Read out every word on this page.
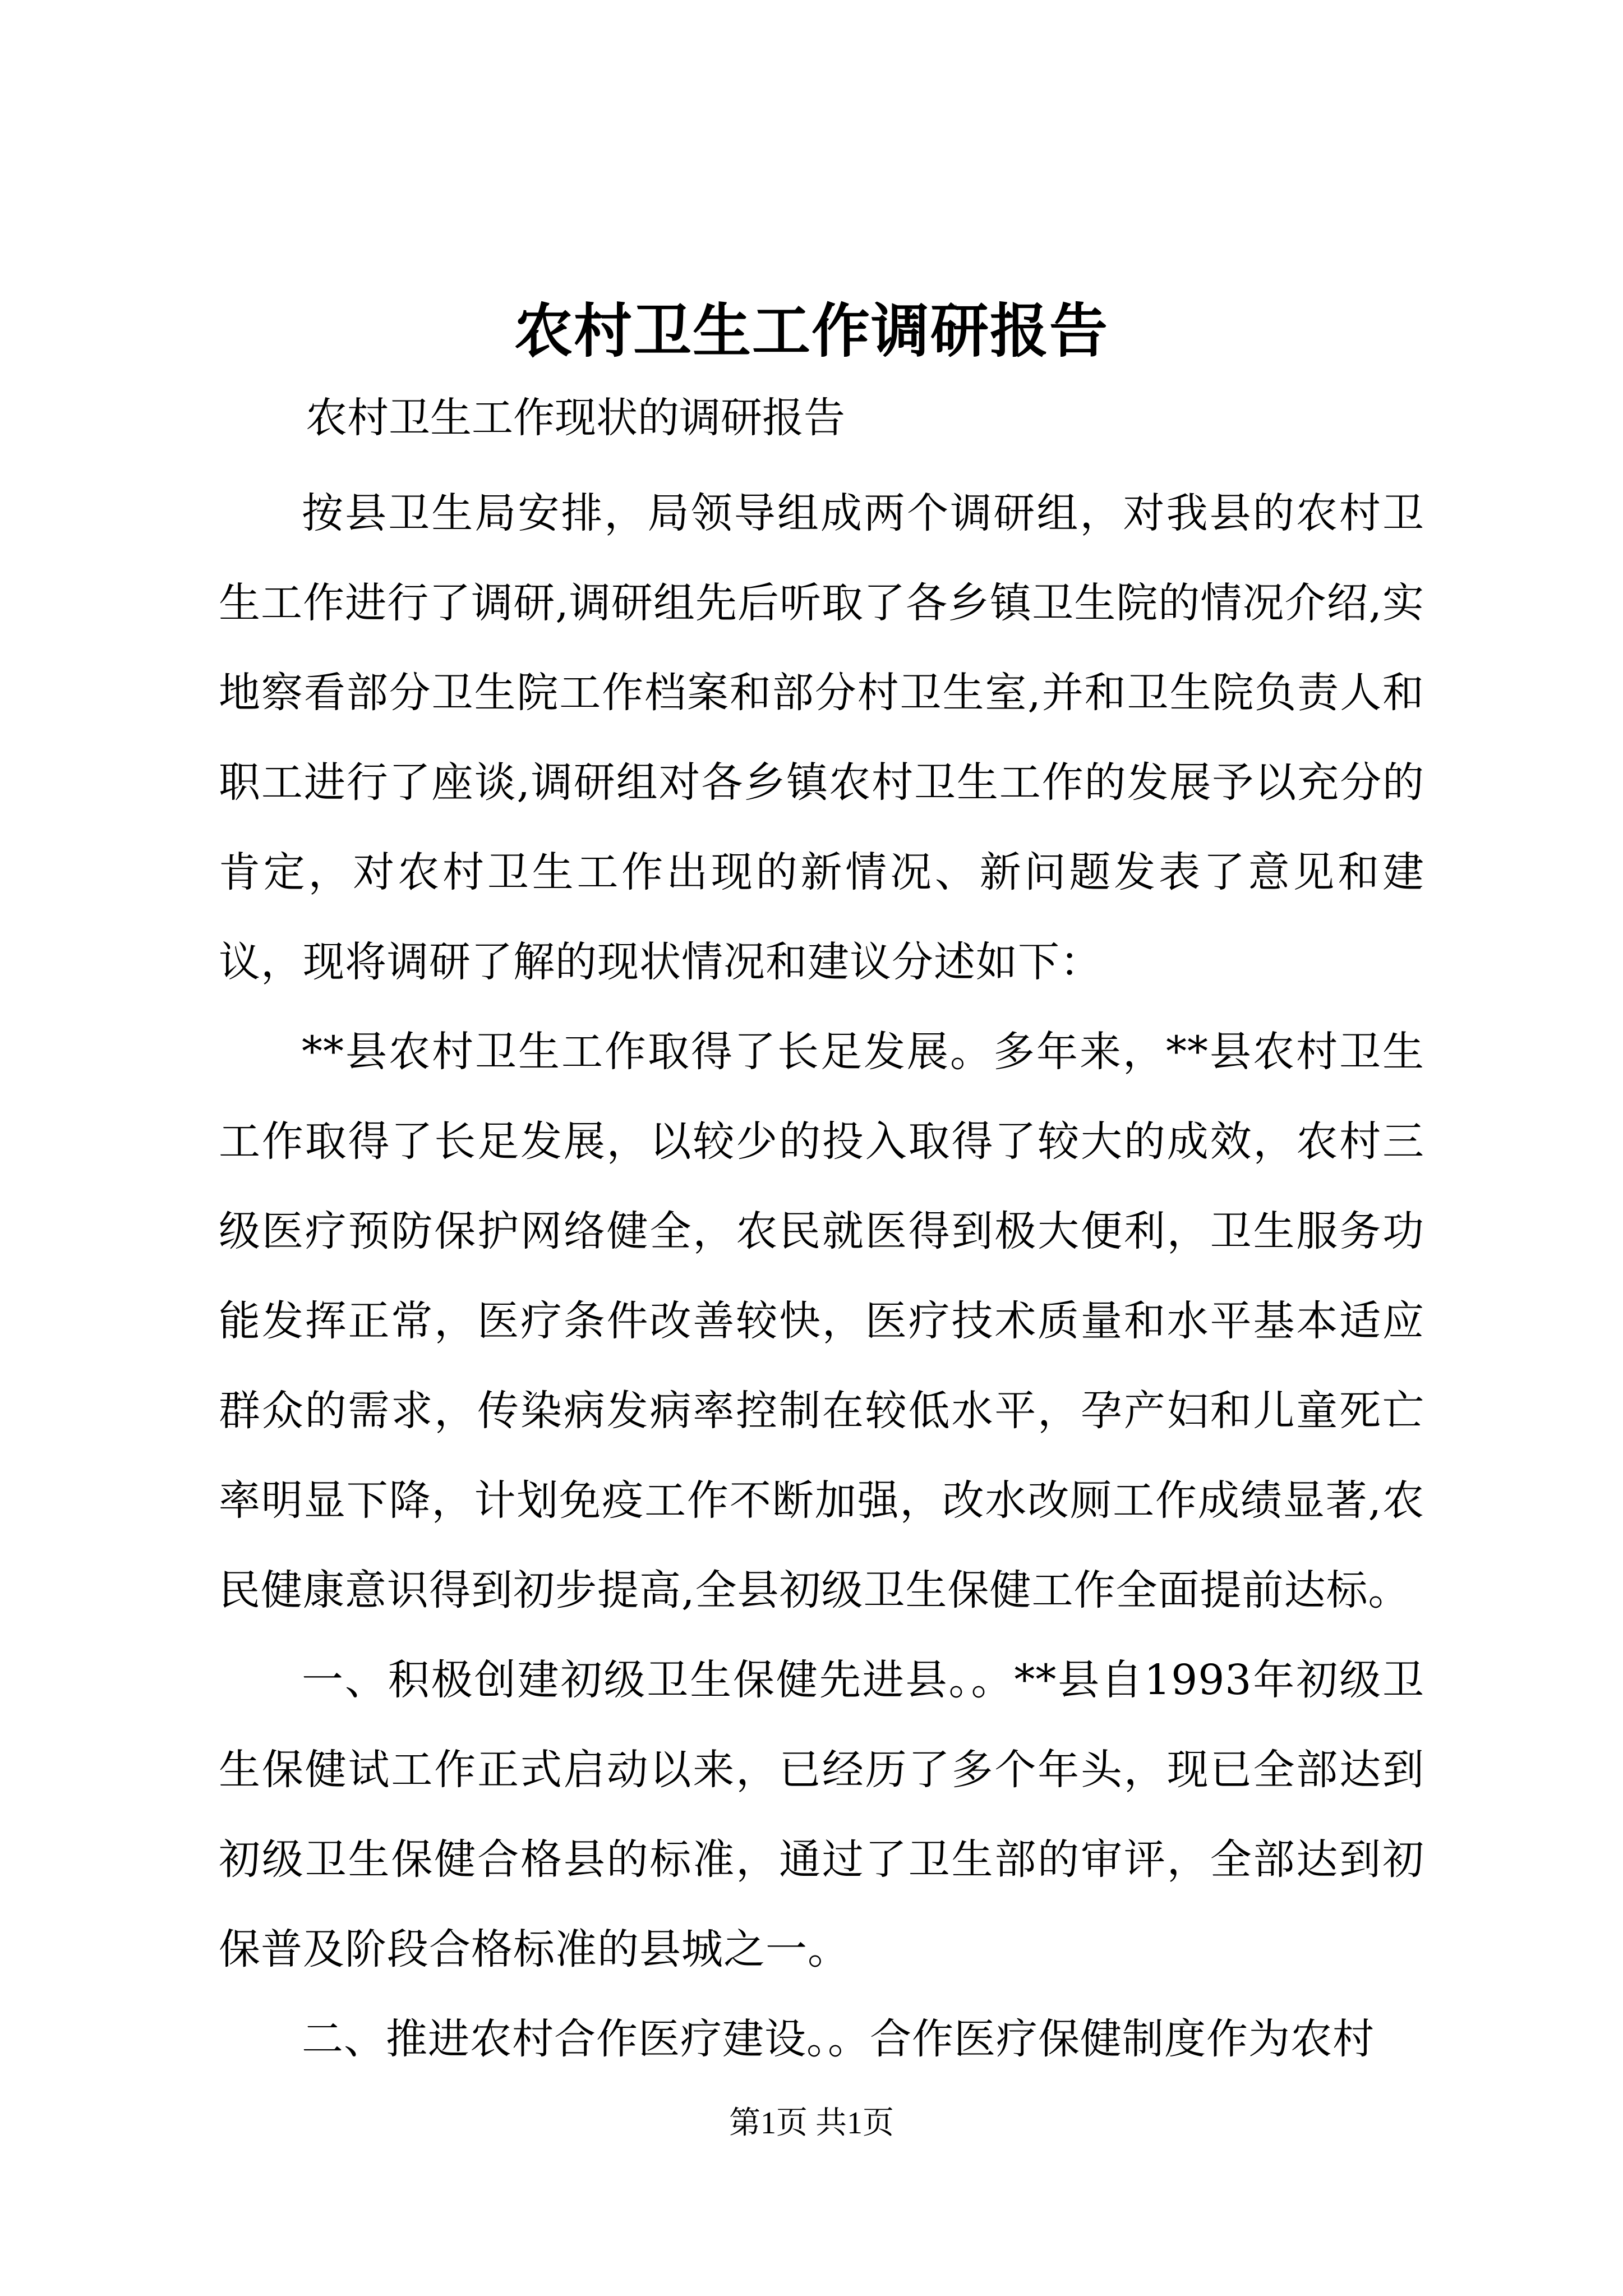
农村卫生工作调研报告
农村卫生工作现状的调研报告

按县卫生局安排，局领导组成两个调研组，对我县的农村卫生工作进行了调研,调研组先后听取了各乡镇卫生院的情况介绍,实地察看部分卫生院工作档案和部分村卫生室,并和卫生院负责人和职工进行了座谈,调研组对各乡镇农村卫生工作的发展予以充分的肯定，对农村卫生工作出现的新情况、新问题发表了意见和建议，现将调研了解的现状情况和建议分述如下：

**县农村卫生工作取得了长足发展。多年来，**县农村卫生工作取得了长足发展，以较少的投入取得了较大的成效，农村三级医疗预防保护网络健全，农民就医得到极大便利，卫生服务功能发挥正常，医疗条件改善较快，医疗技术质量和水平基本适应群众的需求，传染病发病率控制在较低水平，孕产妇和儿童死亡率明显下降，计划免疫工作不断加强，改水改厕工作成绩显著,农民健康意识得到初步提高,全县初级卫生保健工作全面提前达标。

一、积极创建初级卫生保健先进县。。**县自1993年初级卫生保健试工作正式启动以来，已经历了多个年头，现已全部达到初级卫生保健合格县的标准，通过了卫生部的审评，全部达到初保普及阶段合格标准的县城之一。

二、推进农村合作医疗建设。。合作医疗保健制度作为农村

第1页 共1页
